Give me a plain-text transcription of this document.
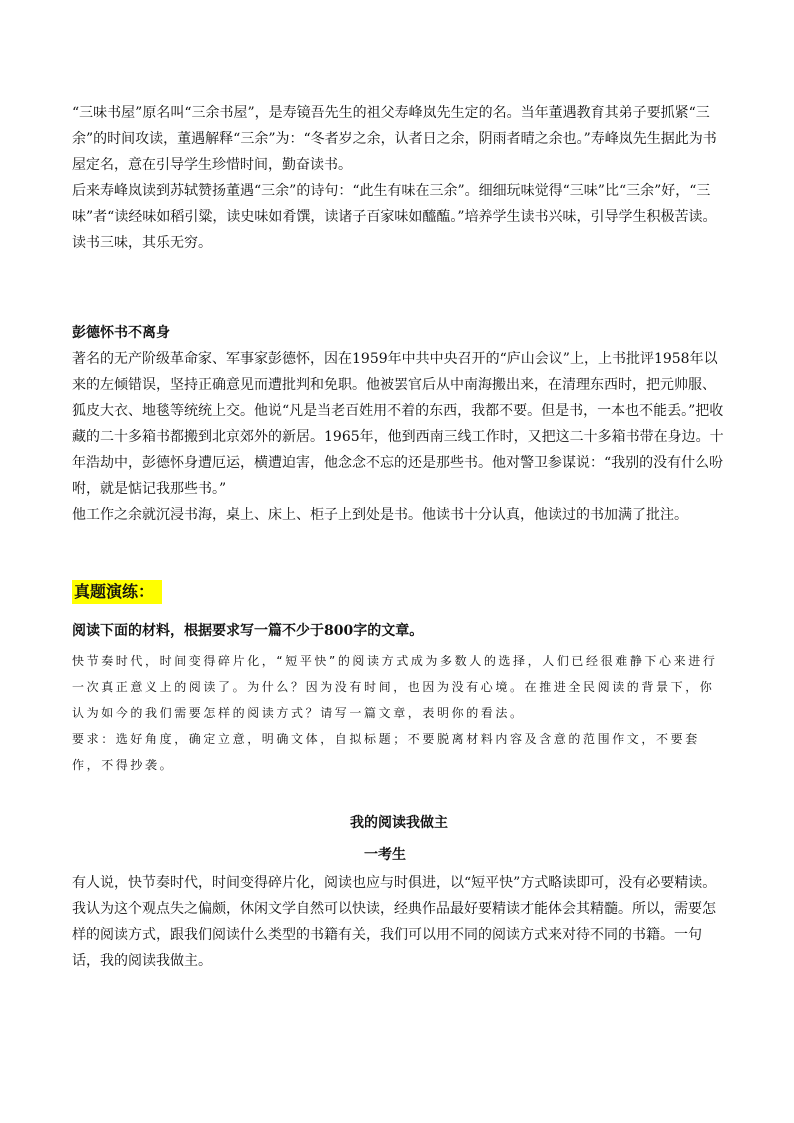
“三味书屋”原名叫“三余书屋”，是寿镜吾先生的祖父寿峰岚先生定的名。当年董遇教育其弟子要抓紧“三余”的时间攻读，董遇解释“三余”为：“冬者岁之余，认者日之余，阴雨者晴之余也。”寿峰岚先生据此为书屋定名，意在引导学生珍惜时间，勤奋读书。

后来寿峰岚读到苏轼赞扬董遇“三余”的诗句：“此生有味在三余”。细细玩味觉得“三味”比“三余”好，“三味”者“读经味如稻引粱，读史味如肴馔，读诸子百家味如醯醢。”培养学生读书兴味，引导学生积极苦读。读书三味，其乐无穷。

彭德怀书不离身

著名的无产阶级革命家、军事家彭德怀，因在1959年中共中央召开的“庐山会议”上，上书批评1958年以来的左倾错误，坚持正确意见而遭批判和免职。他被罢官后从中南海搬出来，在清理东西时，把元帅服、狐皮大衣、地毯等统统上交。他说“凡是当老百姓用不着的东西，我都不要。但是书，一本也不能丢。”把收藏的二十多箱书都搬到北京郊外的新居。1965年，他到西南三线工作时，又把这二十多箱书带在身边。十年浩劫中，彭德怀身遭厄运，横遭迫害，他念念不忘的还是那些书。他对警卫参谋说：“我别的没有什么吩咐，就是惦记我那些书。”

他工作之余就沉浸书海，桌上、床上、柜子上到处是书。他读书十分认真，他读过的书加满了批注。

真题演练：

阅读下面的材料，根据要求写一篇不少于800字的文章。

快节奏时代，时间变得碎片化，“短平快”的阅读方式成为多数人的选择，人们已经很难静下心来进行一次真正意义上的阅读了。为什么？因为没有时间，也因为没有心境。在推进全民阅读的背景下，你认为如今的我们需要怎样的阅读方式？请写一篇文章，表明你的看法。

要求：选好角度，确定立意，明确文体，自拟标题；不要脱离材料内容及含意的范围作文，不要套作，不得抄袭。

我的阅读我做主

一考生

有人说，快节奏时代，时间变得碎片化，阅读也应与时俱进，以“短平快”方式略读即可，没有必要精读。我认为这个观点失之偏颇，休闲文学自然可以快读，经典作品最好要精读才能体会其精髓。所以，需要怎样的阅读方式，跟我们阅读什么类型的书籍有关，我们可以用不同的阅读方式来对待不同的书籍。一句话，我的阅读我做主。
